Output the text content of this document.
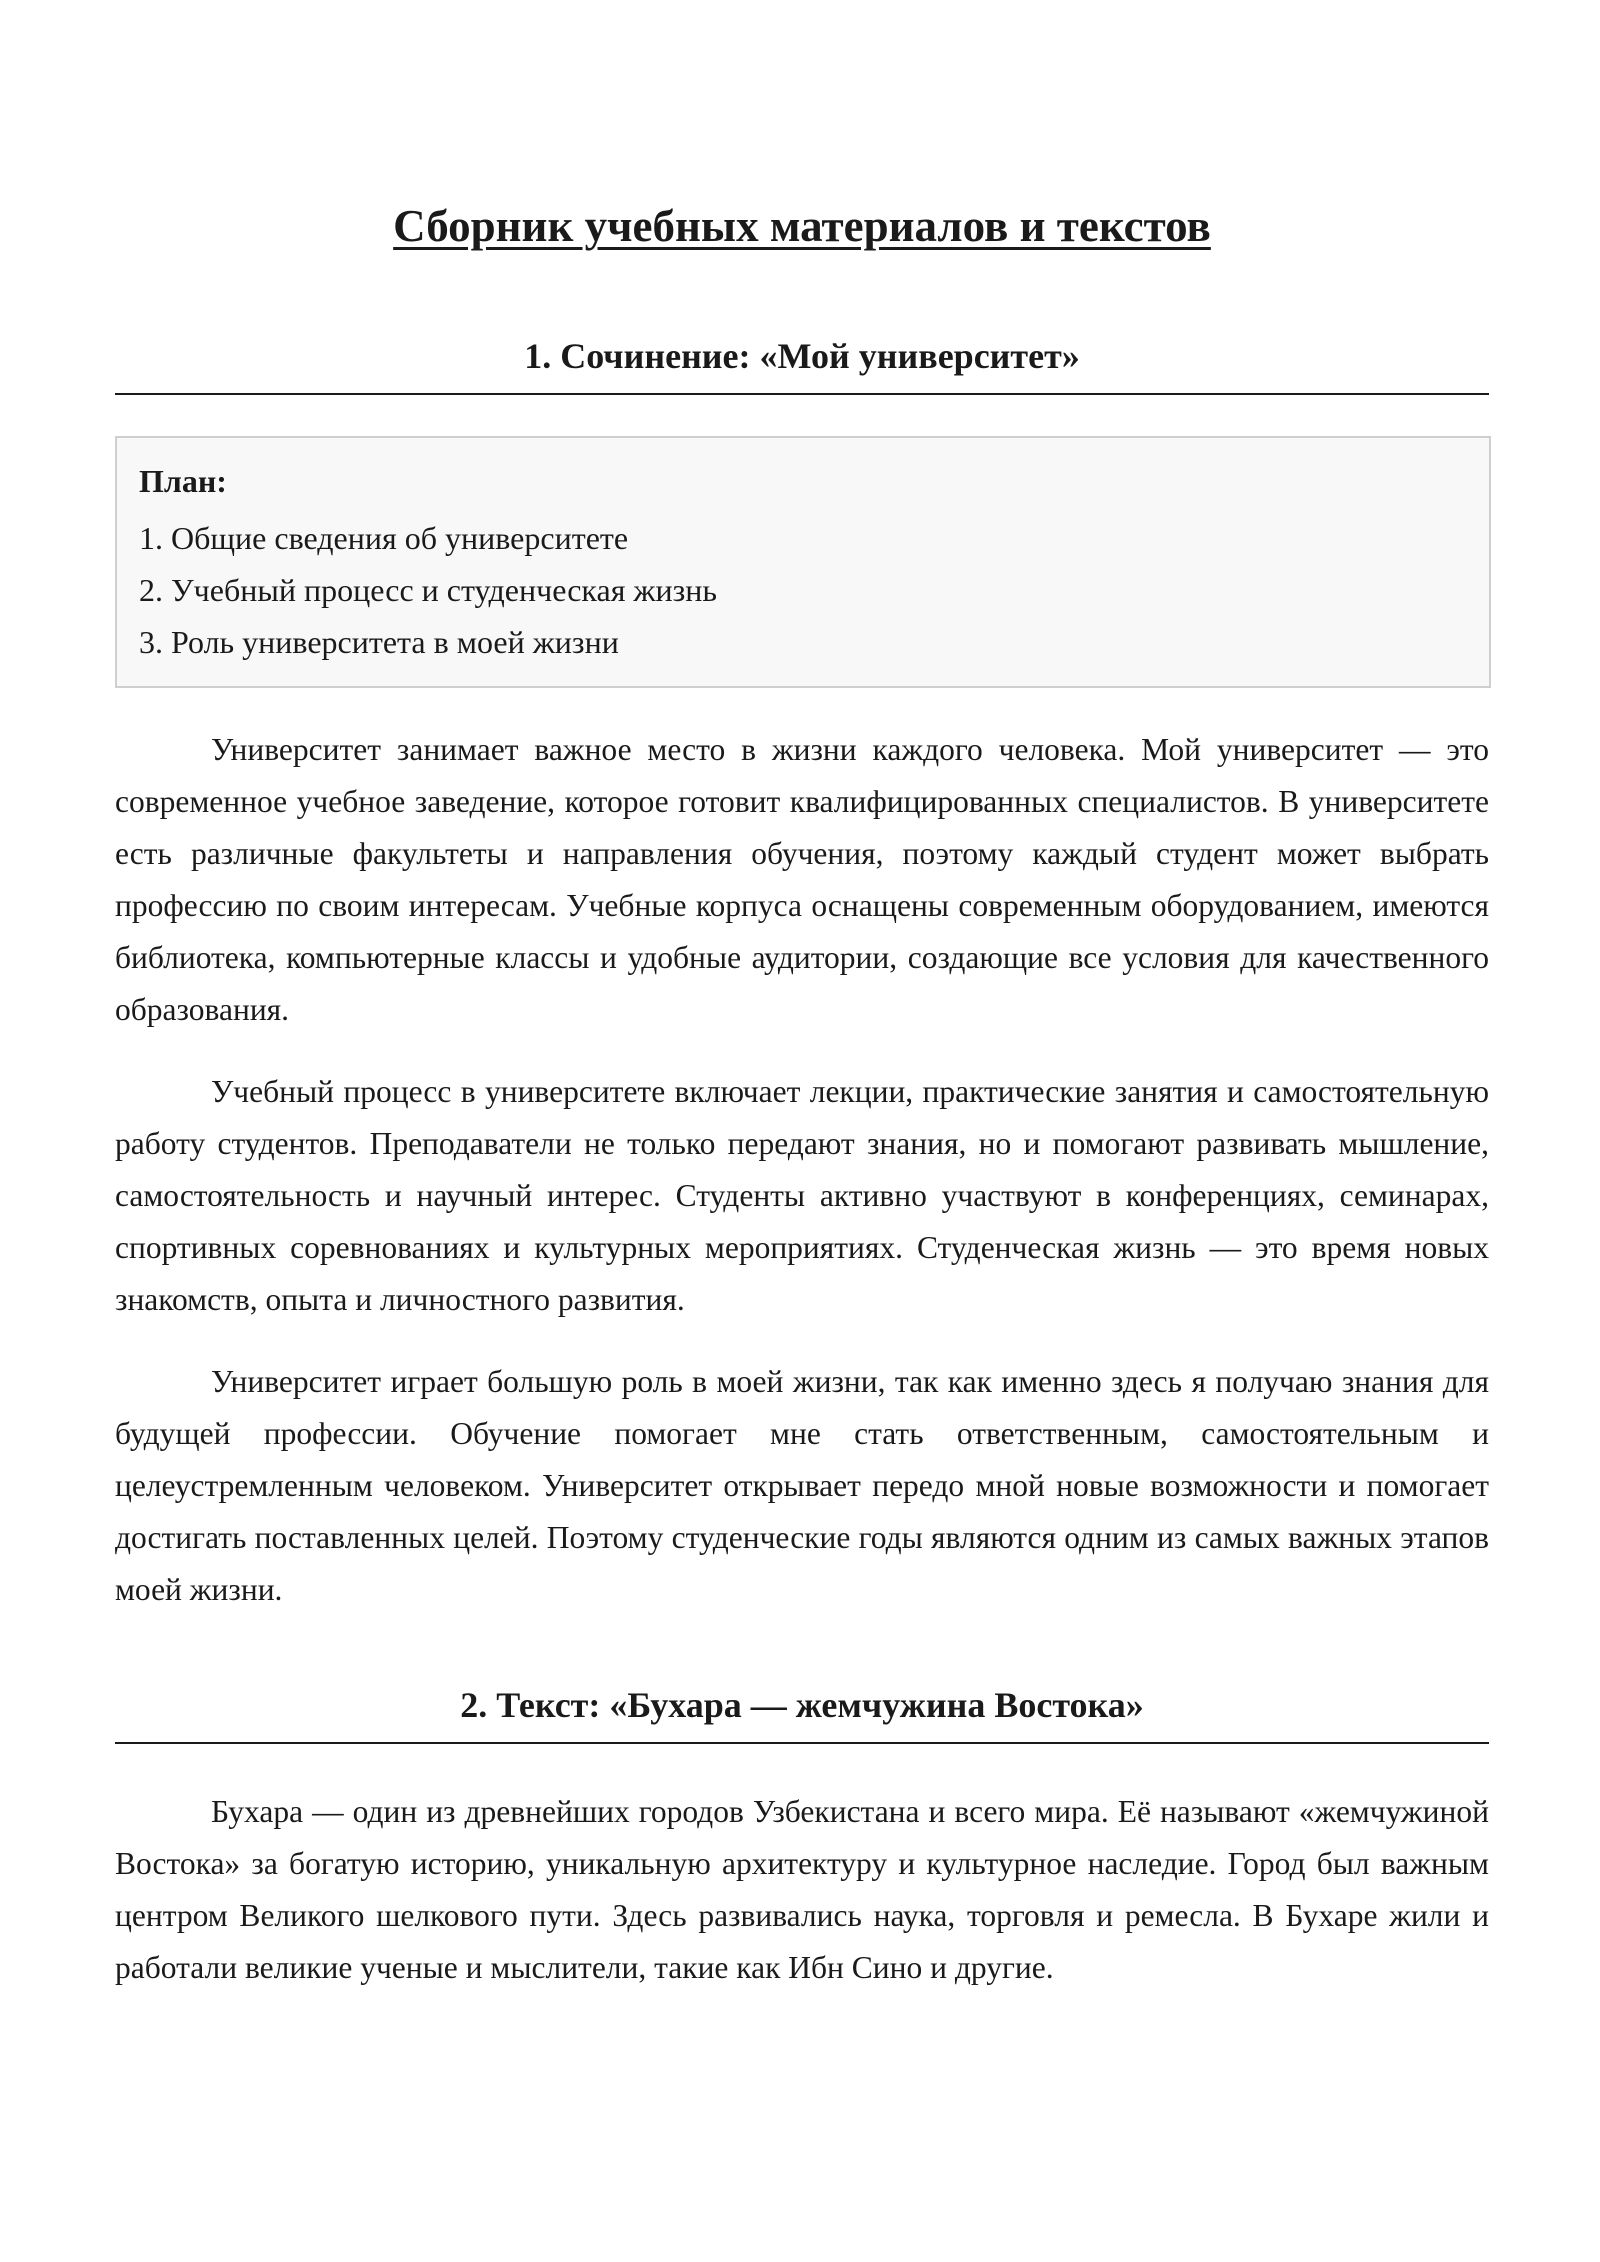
Сборник учебных материалов и текстов
1. Сочинение: «Мой университет»

План:

1. Общие сведения об университете

2. Учебный процесс и студенческая жизнь

3. Роль университета в моей жизни

Университет занимает важное место в жизни каждого человека. Мой университет — это современное учебное заведение, которое готовит квалифицированных специалистов. В университете есть различные факультеты и направления обучения, поэтому каждый студент может выбрать профессию по своим интересам. Учебные корпуса оснащены современным оборудованием, имеются библиотека, компьютерные классы и удобные аудитории, создающие все условия для качественного образования.

Учебный процесс в университете включает лекции, практические занятия и самостоятельную работу студентов. Преподаватели не только передают знания, но и помогают развивать мышление, самостоятельность и научный интерес. Студенты активно участвуют в конференциях, семинарах, спортивных соревнованиях и культурных мероприятиях. Студенческая жизнь — это время новых знакомств, опыта и личностного развития.

Университет играет большую роль в моей жизни, так как именно здесь я получаю знания для будущей профессии. Обучение помогает мне стать ответственным, самостоятельным и целеустремленным человеком. Университет открывает передо мной новые возможности и помогает достигать поставленных целей. Поэтому студенческие годы являются одним из самых важных этапов моей жизни.

2. Текст: «Бухара — жемчужина Востока»

Бухара — один из древнейших городов Узбекистана и всего мира. Её называют «жемчужиной Востока» за богатую историю, уникальную архитектуру и культурное наследие. Город был важным центром Великого шелкового пути. Здесь развивались наука, торговля и ремесла. В Бухаре жили и работали великие ученые и мыслители, такие как Ибн Сино и другие.
